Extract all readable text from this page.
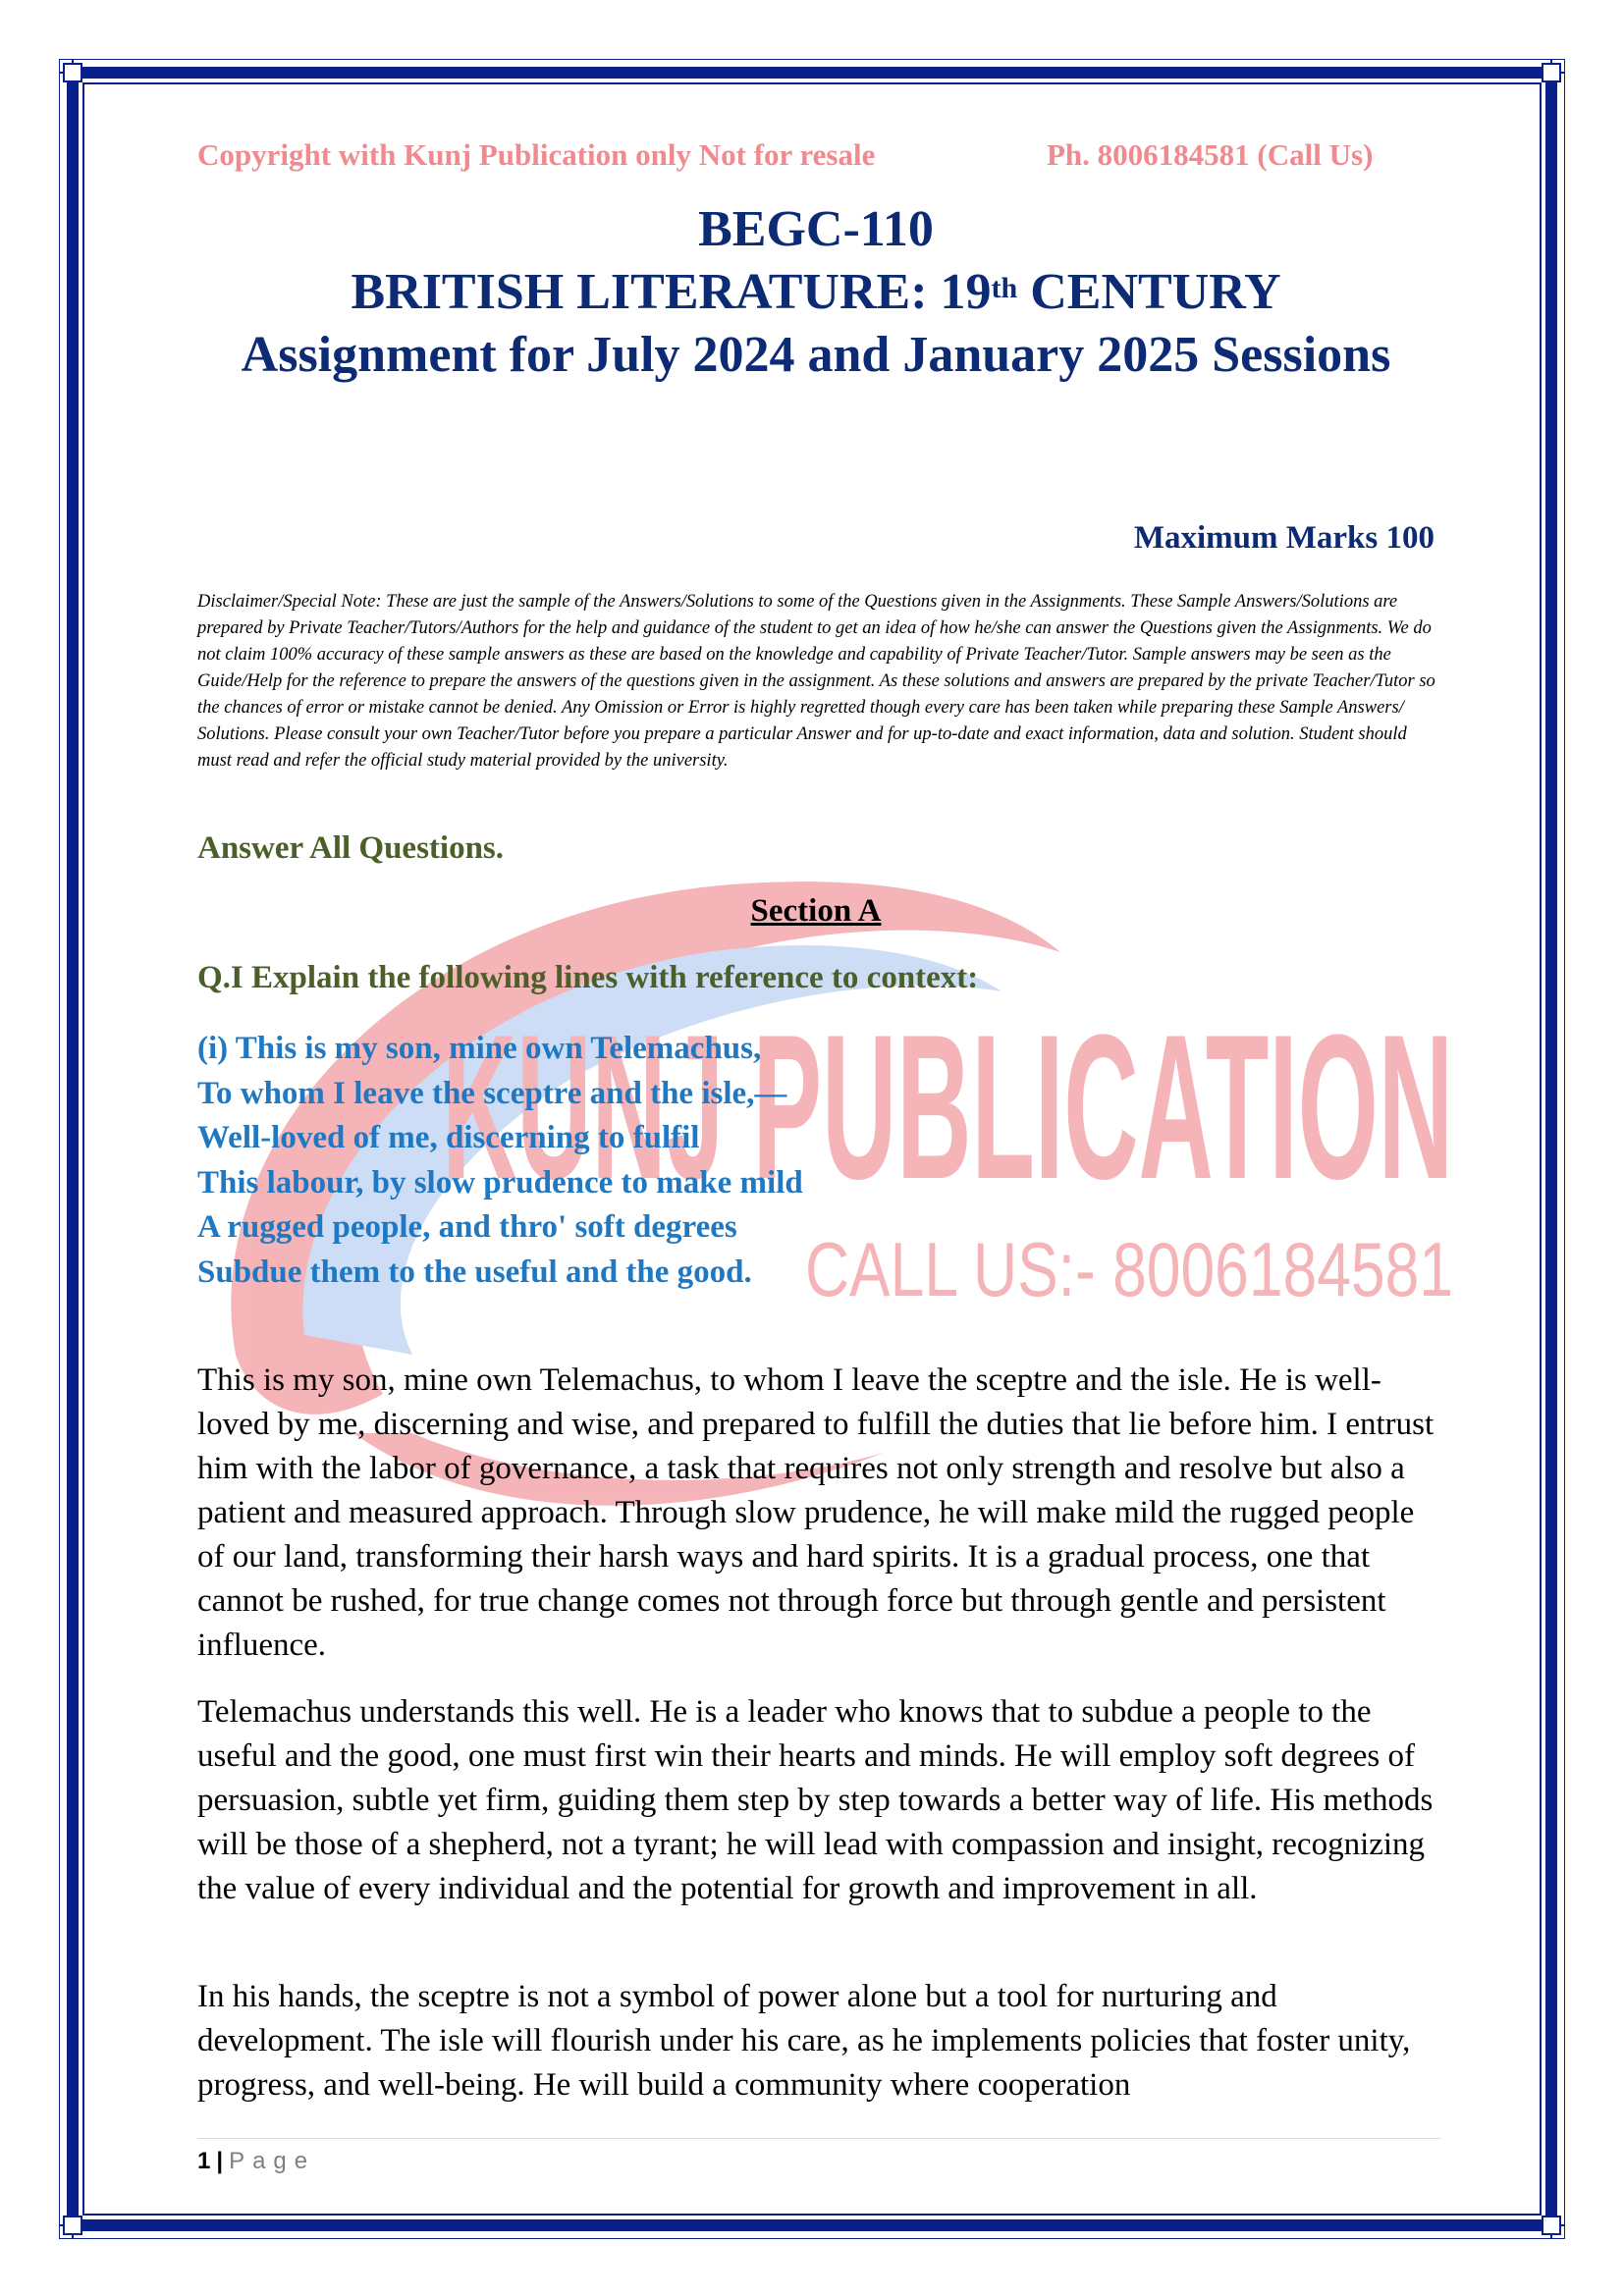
KUNJ PUBLICATION
CALL US:- 8006184581
Copyright with Kunj Publication only Not for resale	Ph. 8006184581 (Call Us)
BEGC-110
BRITISH LITERATURE: 19th CENTURY
Assignment for July 2024 and January 2025 Sessions
Maximum Marks 100
Disclaimer/Special Note: These are just the sample of the Answers/Solutions to some of the Questions given in the Assignments. These Sample Answers/Solutions are prepared by Private Teacher/Tutors/Authors for the help and guidance of the student to get an idea of how he/she can answer the Questions given the Assignments. We do not claim 100% accuracy of these sample answers as these are based on the knowledge and capability of Private Teacher/Tutor. Sample answers may be seen as the Guide/Help for the reference to prepare the answers of the questions given in the assignment. As these solutions and answers are prepared by the private Teacher/Tutor so the chances of error or mistake cannot be denied. Any Omission or Error is highly regretted though every care has been taken while preparing these Sample Answers/ Solutions. Please consult your own Teacher/Tutor before you prepare a particular Answer and for up-to-date and exact information, data and solution. Student should must read and refer the official study material provided by the university.
Answer All Questions.
Section A
Q.I Explain the following lines with reference to context:
(i) This is my son, mine own Telemachus,
To whom I leave the sceptre and the isle,—
Well-loved of me, discerning to fulfil
This labour, by slow prudence to make mild
A rugged people, and thro' soft degrees
Subdue them to the useful and the good.
This is my son, mine own Telemachus, to whom I leave the sceptre and the isle. He is well-loved by me, discerning and wise, and prepared to fulfill the duties that lie before him. I entrust him with the labor of governance, a task that requires not only strength and resolve but also a patient and measured approach. Through slow prudence, he will make mild the rugged people of our land, transforming their harsh ways and hard spirits. It is a gradual process, one that cannot be rushed, for true change comes not through force but through gentle and persistent influence.
Telemachus understands this well. He is a leader who knows that to subdue a people to the useful and the good, one must first win their hearts and minds. He will employ soft degrees of persuasion, subtle yet firm, guiding them step by step towards a better way of life. His methods will be those of a shepherd, not a tyrant; he will lead with compassion and insight, recognizing the value of every individual and the potential for growth and improvement in all.
In his hands, the sceptre is not a symbol of power alone but a tool for nurturing and development. The isle will flourish under his care, as he implements policies that foster unity, progress, and well-being. He will build a community where cooperation
1 | Page
